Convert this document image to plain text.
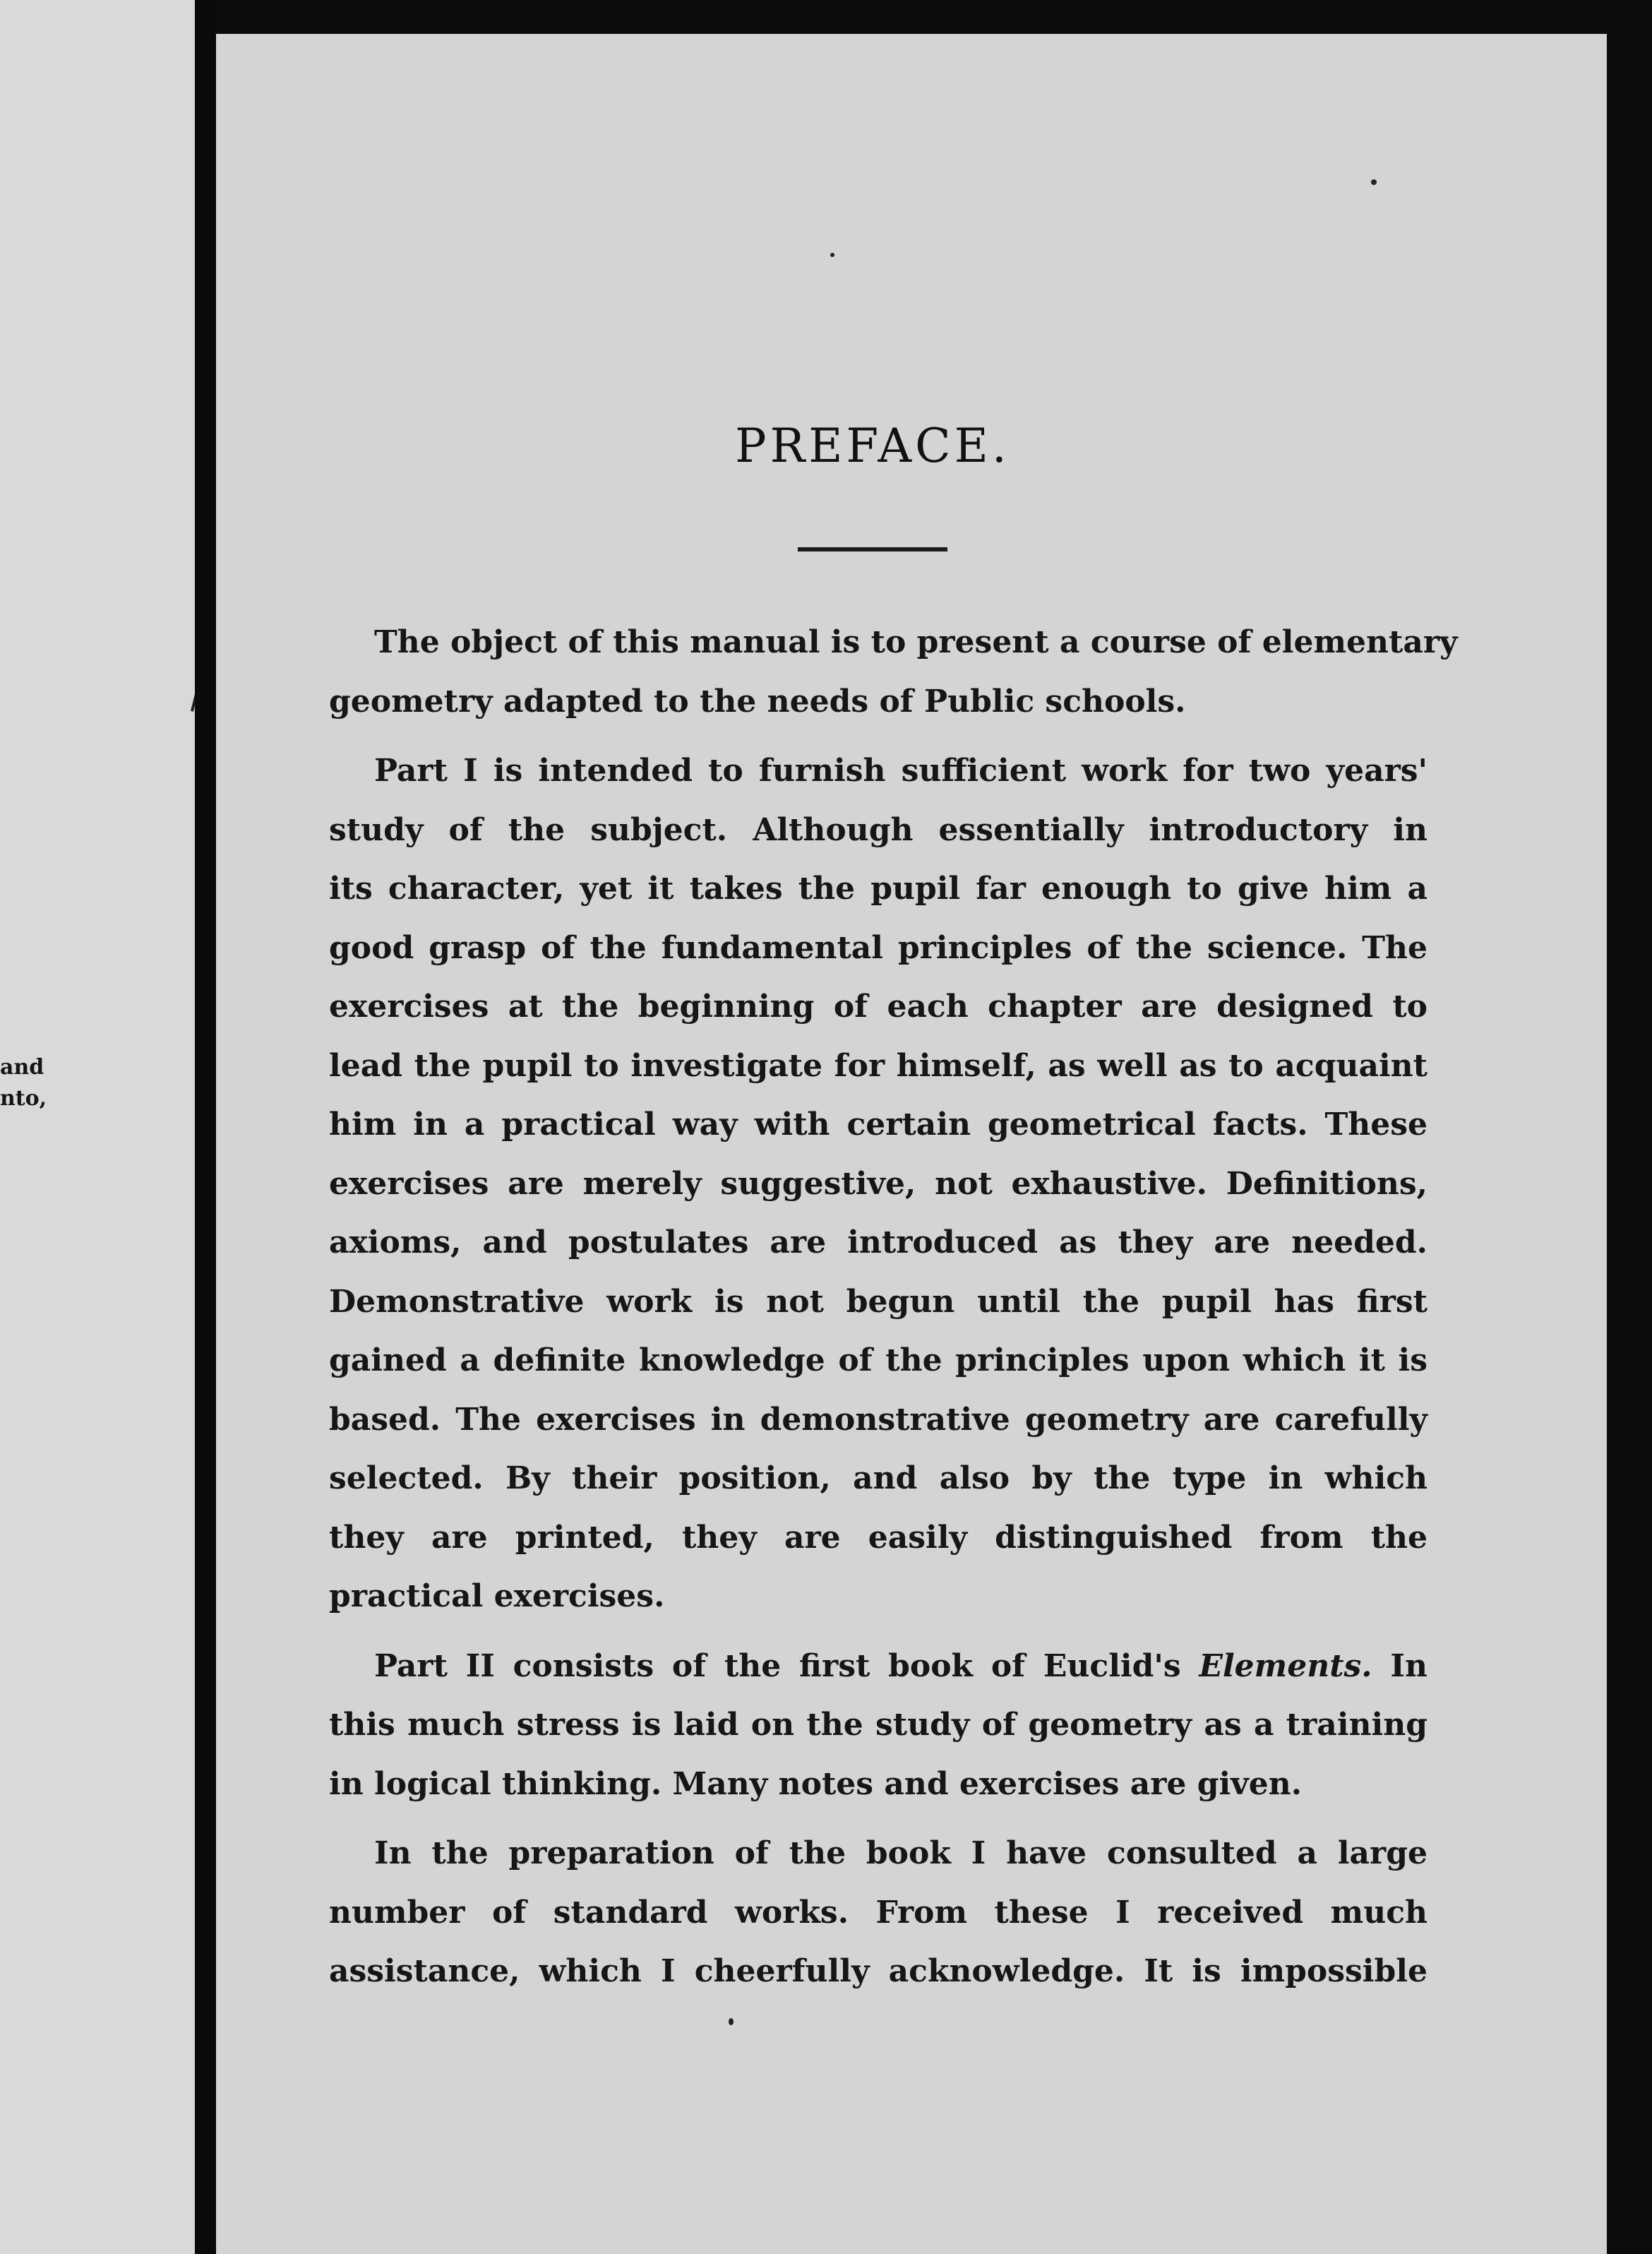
and
nto,
PREFACE.

The object of this manual is to present a course of elementary
geometry adapted to the needs of Public schools.

Part I is intended to furnish sufficient work for two years'
study of the subject. Although essentially introductory in
its character, yet it takes the pupil far enough to give him a
good grasp of the fundamental principles of the science. The
exercises at the beginning of each chapter are designed to
lead the pupil to investigate for himself, as well as to acquaint
him in a practical way with certain geometrical facts. These
exercises are merely suggestive, not exhaustive. Definitions,
axioms, and postulates are introduced as they are needed.
Demonstrative work is not begun until the pupil has first
gained a definite knowledge of the principles upon which it is
based. The exercises in demonstrative geometry are carefully
selected. By their position, and also by the type in which
they are printed, they are easily distinguished from the
practical exercises.

Part II consists of the first book of Euclid's Elements. In
this much stress is laid on the study of geometry as a training
in logical thinking. Many notes and exercises are given.

In the preparation of the book I have consulted a large
number of standard works. From these I received much
assistance, which I cheerfully acknowledge. It is impossible
